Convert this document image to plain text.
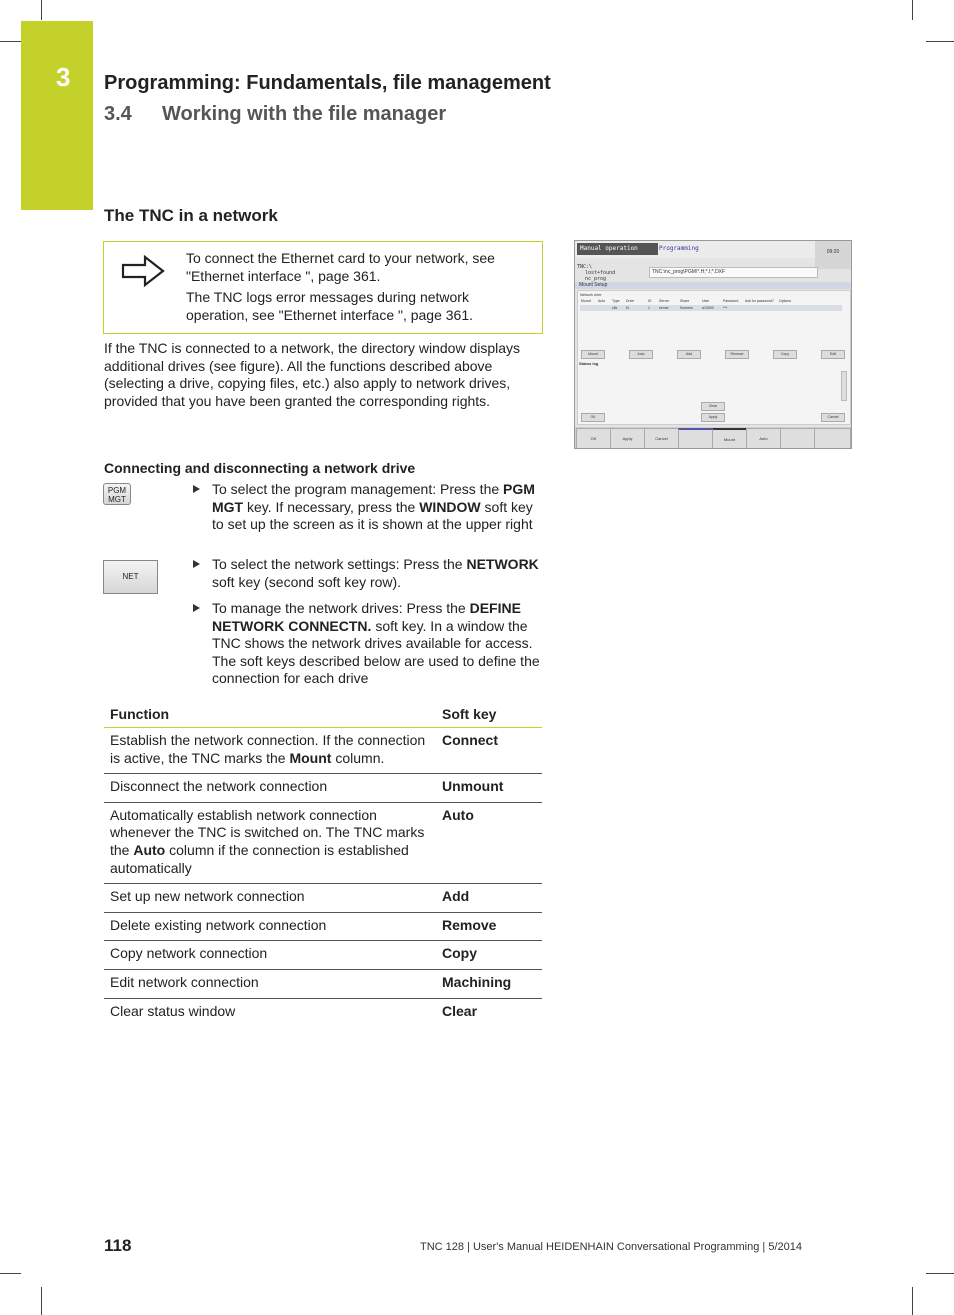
3 Programming: Fundamentals, file management
3.4 Working with the file manager
The TNC in a network

To connect the Ethernet card to your network, see "Ethernet interface ", page 361.

The TNC logs error messages during network operation, see "Ethernet interface ", page 361.

If the TNC is connected to a network, the directory window displays additional drives (see figure). All the functions described above (selecting a drive, copying files, etc.) also apply to network drives, provided that you have been granted the corresponding rights.
Manual operation	Programming	09:20
TNC:\
lost+found
nc_prog
TNC:\nc_prog\PGM\*.H;*.I;*.DXF
Mount Setup
Network drive
Mount Auto Type Drive	ID Server	Share	User	Password Ask for password? Options
cifs	N:	1	server	Screens	a13000	***
Mount	Auto	Add	Remove	Copy	Edit
Status log
OK
Clear
Apply	Cancel
OK	Apply	Cancel	Mount	Auto
Connecting and disconnecting a network drive
PGM
MGT
NET
To select the program management: Press the PGM MGT key. If necessary, press the WINDOW soft key to set up the screen as it is shown at the upper right
To select the network settings: Press the NETWORK soft key (second soft key row).
To manage the network drives: Press the DEFINE NETWORK CONNECTN. soft key. In a window the TNC shows the network drives available for access. The soft keys described below are used to define the connection for each drive
Function	Soft key
Establish the network connection. If the connection is active, the TNC marks the Mount column.	Connect
Disconnect the network connection	Unmount
Automatically establish network connection whenever the TNC is switched on. The TNC marks the Auto column if the connection is established automatically	Auto
Set up new network connection	Add
Delete existing network connection	Remove
Copy network connection	Copy
Edit network connection	Machining
Clear status window	Clear
118	TNC 128 | User's Manual HEIDENHAIN Conversational Programming | 5/2014
